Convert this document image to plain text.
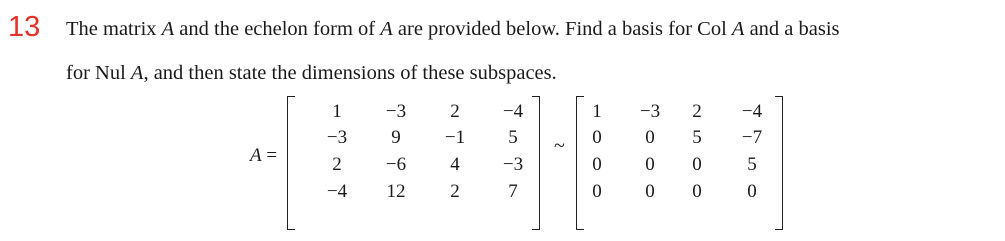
13 The matrix A and the echelon form of A are provided below. Find a basis for Col A and a basis
for Nul A, and then state the dimensions of these subspaces.
A =
1	−3	2	−4
−3	9	−1	5
2	−6	4	−3
−4	12	2	7
~
1	−3	2	−4
0	0	5	−7
0	0	0	5
0	0	0	0
